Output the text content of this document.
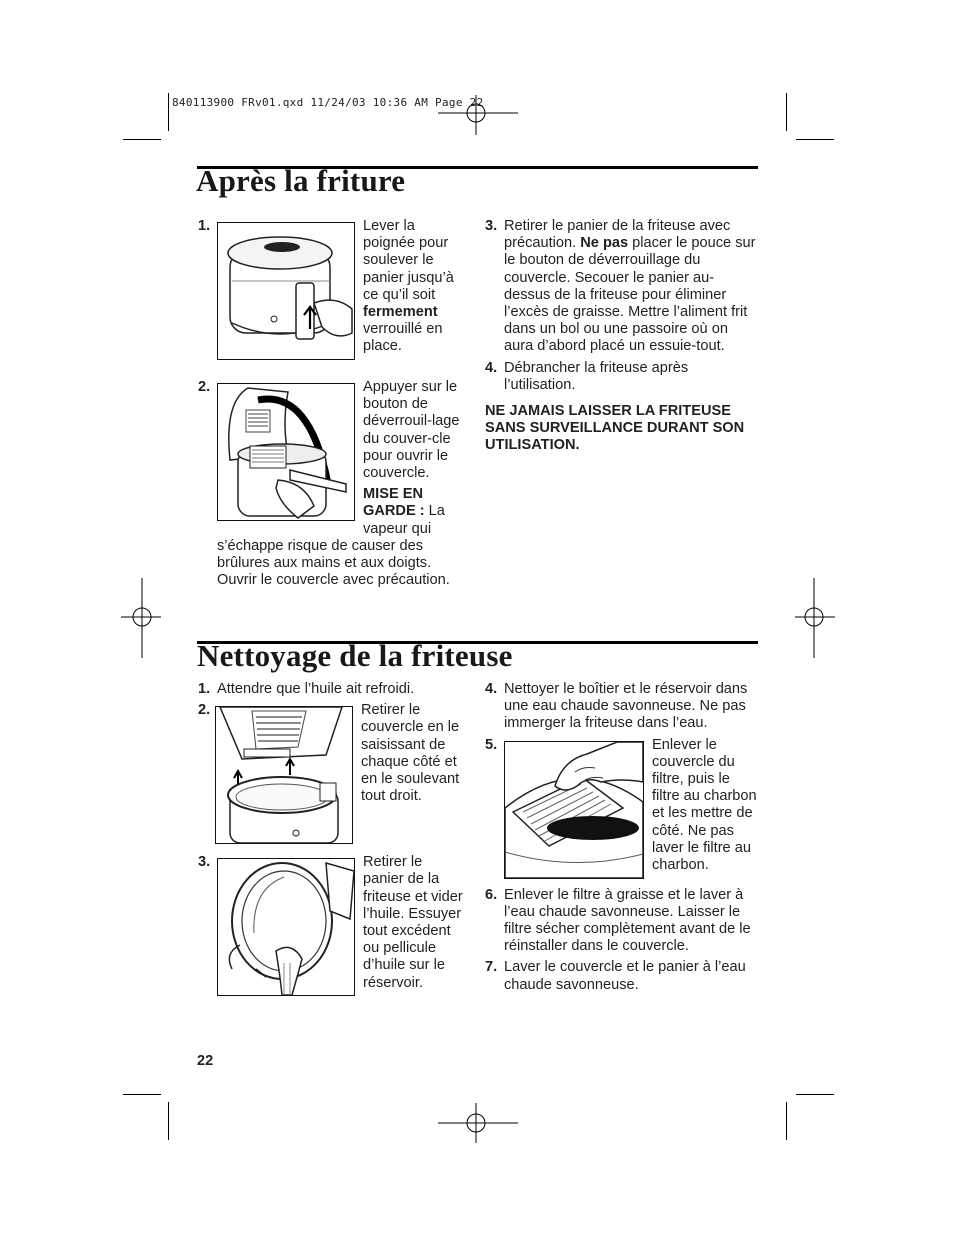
840113900 FRv01.qxd 11/24/03 10:36 AM Page 22
Après la friture
1.	Lever la poignée pour soulever le panier jusqu’à ce qu’il soit fermement verrouillé en place.
2.	Appuyer sur le bouton de déverrouil-lage du couver-cle pour ouvrir le couvercle.
MISE EN GARDE : La vapeur qui s’échappe risque de causer des brûlures aux mains et aux doigts. Ouvrir le couvercle avec précaution.
3. Retirer le panier de la friteuse avec précaution. Ne pas placer le pouce sur le bouton de déverrouillage du couvercle. Secouer le panier au-dessus de la friteuse pour éliminer l’excès de graisse. Mettre l’aliment frit dans un bol ou une passoire où on aura d’abord placé un essuie-tout.
4. Débrancher la friteuse après l’utilisation.
NE JAMAIS LAISSER LA FRITEUSE SANS SURVEILLANCE DURANT SON UTILISATION.
Nettoyage de la friteuse
1. Attendre que l’huile ait refroidi.
2.	Retirer le couvercle en le saisissant de chaque côté et en le soulevant tout droit.
3.	Retirer le panier de la friteuse et vider l’huile. Essuyer tout excédent ou pellicule d’huile sur le réservoir.
4. Nettoyer le boîtier et le réservoir dans une eau chaude savonneuse. Ne pas immerger la friteuse dans l’eau.
5.	Enlever le couvercle du filtre, puis le filtre au charbon et les mettre de côté. Ne pas laver le filtre au charbon.
6. Enlever le filtre à graisse et le laver à l’eau chaude savonneuse. Laisser le filtre sécher complètement avant de le réinstaller dans le couvercle.
7. Laver le couvercle et le panier à l’eau chaude savonneuse.
22
